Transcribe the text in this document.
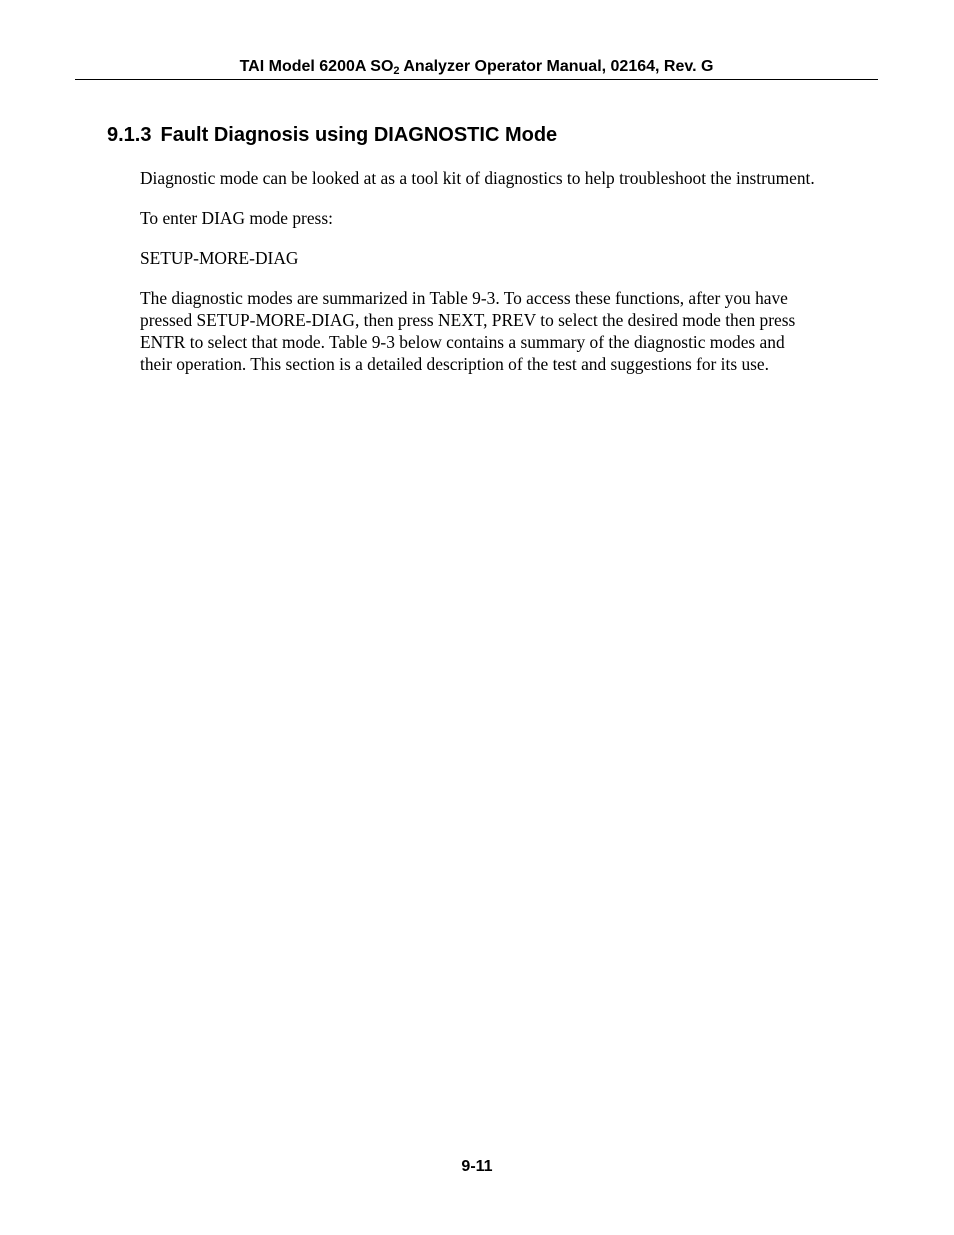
TAI Model 6200A $SO_2$ Analyzer Operator Manual, 02164, Rev. G
9.1.3 Fault Diagnosis using DIAGNOSTIC Mode

Diagnostic mode can be looked at as a tool kit of diagnostics to help troubleshoot the instrument.

To enter DIAG mode press:

SETUP-MORE-DIAG

The diagnostic modes are summarized in Table 9-3. To access these functions, after you have
pressed SETUP-MORE-DIAG, then press NEXT, PREV to select the desired mode then press
ENTR to select that mode. Table 9-3 below contains a summary of the diagnostic modes and
their operation. This section is a detailed description of the test and suggestions for its use.

9-11
